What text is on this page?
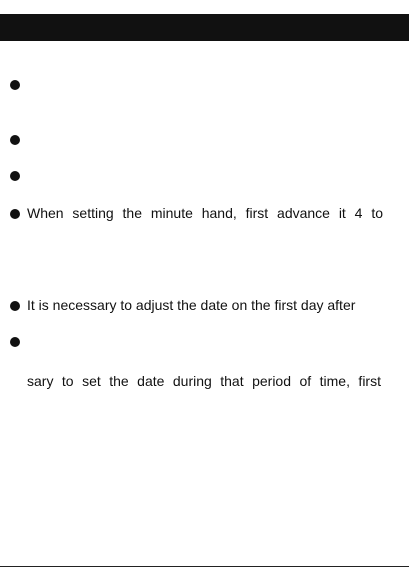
When setting the minute hand, first advance it 4 to
It is necessary to adjust the date on the first day after
sary to set the date during that period of time, first
